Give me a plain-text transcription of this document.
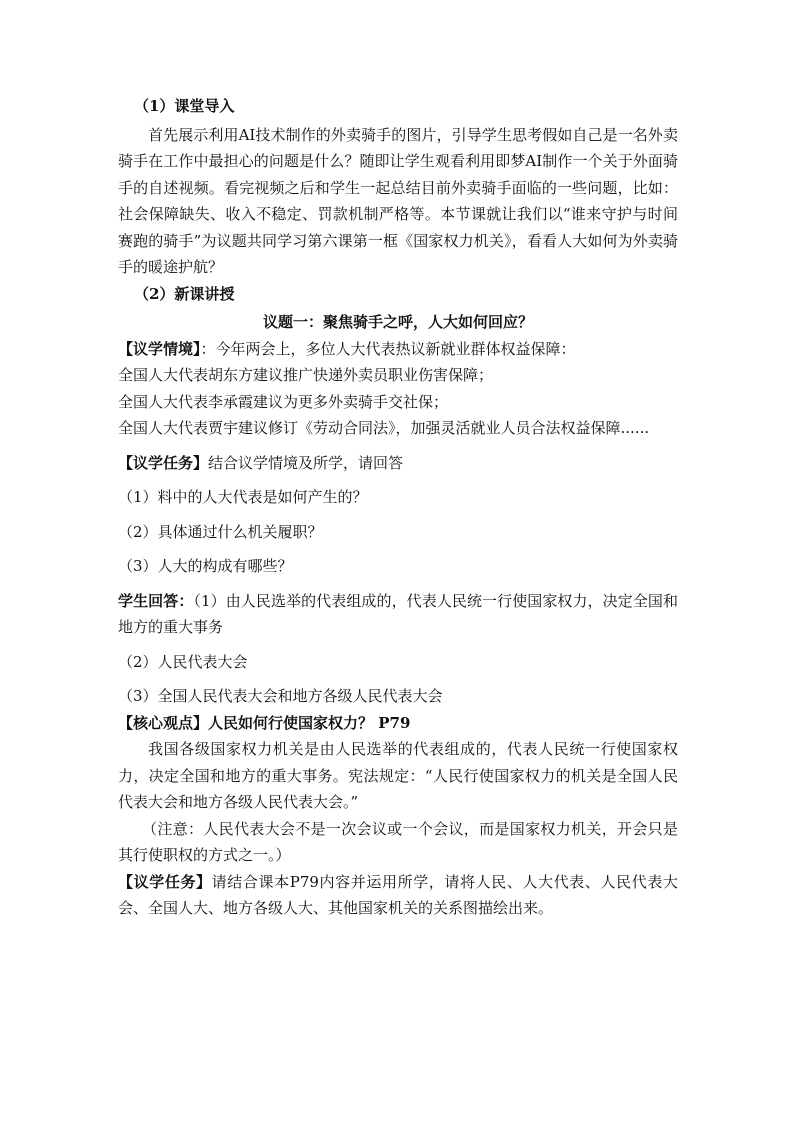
（1）课堂导入

首先展示利用AI技术制作的外卖骑手的图片，引导学生思考假如自己是一名外卖骑手在工作中最担心的问题是什么？随即让学生观看利用即梦AI制作一个关于外面骑手的自述视频。看完视频之后和学生一起总结目前外卖骑手面临的一些问题，比如：社会保障缺失、收入不稳定、罚款机制严格等。本节课就让我们以“谁来守护与时间赛跑的骑手”为议题共同学习第六课第一框《国家权力机关》，看看人大如何为外卖骑手的暖途护航？

（2）新课讲授

议题一：聚焦骑手之呼，人大如何回应？

【议学情境】：今年两会上，多位人大代表热议新就业群体权益保障：

全国人大代表胡东方建议推广快递外卖员职业伤害保障；

全国人大代表李承霞建议为更多外卖骑手交社保；

全国人大代表贾宇建议修订《劳动合同法》，加强灵活就业人员合法权益保障......

【议学任务】结合议学情境及所学，请回答

（1）料中的人大代表是如何产生的？

（2）具体通过什么机关履职？

（3）人大的构成有哪些？

学生回答：（1）由人民选举的代表组成的，代表人民统一行使国家权力，决定全国和地方的重大事务

（2）人民代表大会

（3）全国人民代表大会和地方各级人民代表大会

【核心观点】人民如何行使国家权力？ P79

我国各级国家权力机关是由人民选举的代表组成的，代表人民统一行使国家权力，决定全国和地方的重大事务。宪法规定：“人民行使国家权力的机关是全国人民代表大会和地方各级人民代表大会。”

（注意：人民代表大会不是一次会议或一个会议，而是国家权力机关，开会只是其行使职权的方式之一。）

【议学任务】请结合课本P79内容并运用所学，请将人民、人大代表、人民代表大会、全国人大、地方各级人大、其他国家机关的关系图描绘出来。
